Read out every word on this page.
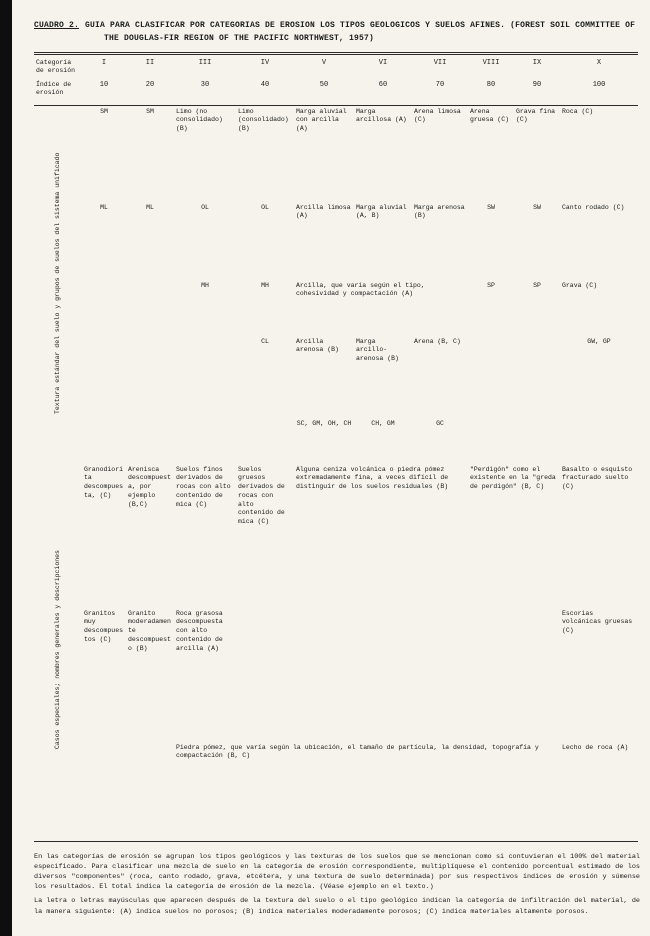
CUADRO 2. GUIA PARA CLASIFICAR POR CATEGORIAS DE EROSION LOS TIPOS GEOLOGICOS Y SUELOS AFINES. (FOREST SOIL COMMITTEE OF THE DOUGLAS-FIR REGION OF THE PACIFIC NORTHWEST, 1957)
Categoría de erosión	I	II	III	IV	V	VI	VII	VIII	IX	X
Índice de erosión	10	20	30	40	50	60	70	80	90	100
Textura estándar del suelo y grupos de suelos del sistema unificado	SM	SM	Limo (no consolidado) (B)	Limo (consolidado) (B)	Marga aluvial con arcilla (A)	Marga arcillosa (A)	Arena limosa (C)	Arena gruesa (C)	Grava fina (C)	Roca (C)
	ML	ML	OL	OL	Arcilla limosa (A)	Marga aluvial (A, B)	Marga arenosa (B)	SW	SW	Canto rodado (C)
			MH	MH	Arcilla, que varía según el tipo, cohesividad y compactación (A)			SP	SP	Grava (C)
				CL	Arcilla arenosa (B)	Marga arcillo-arenosa (B)	Arena (B, C)			GW, GP
					SC, GM, OH, CH	CH, GM	GC			
Casos especiales; nombres generales y descripciones	Granodiorita descompuesta, (C)	Arenisca descompuesta, por ejemplo (B,C)	Suelos finos derivados de rocas con alto contenido de mica (C)	Suelos gruesos derivados de rocas con alto contenido de mica (C)	Alguna ceniza volcánica o piedra pómez extremadamente fina, a veces difícil de distinguir de los suelos residuales (B)			"Perdigón" como el existente en la "greda de perdigón" (B, C)		Basalto o esquisto fracturado suelto (C)
	Granitos muy descompuestos (C)	Granito moderadamente descompuesto (B)	Roca grasosa descompuesta con alto contenido de arcilla (A)							Escorias volcánicas gruesas (C)
			Piedra pómez, que varía según la ubicación, el tamaño de partícula, la densidad, topografía y compactación (B, C)							Lecho de roca (A)

En las categorías de erosión se agrupan los tipos geológicos y las texturas de los suelos que se mencionan como si contuvieran el 100% del material especificado. Para clasificar una mezcla de suelo en la categoría de erosión correspondiente, multiplíquese el contenido porcentual estimado de los diversos "componentes" (roca, canto rodado, grava, etcétera, y una textura de suelo determinada) por sus respectivos índices de erosión y súmense los resultados. El total indica la categoría de erosión de la mezcla. (Véase ejemplo en el texto.)

La letra o letras mayúsculas que aparecen después de la textura del suelo o el tipo geológico indican la categoría de infiltración del material, de la manera siguiente: (A) indica suelos no porosos; (B) indica materiales moderadamente porosos; (C) indica materiales altamente porosos.
